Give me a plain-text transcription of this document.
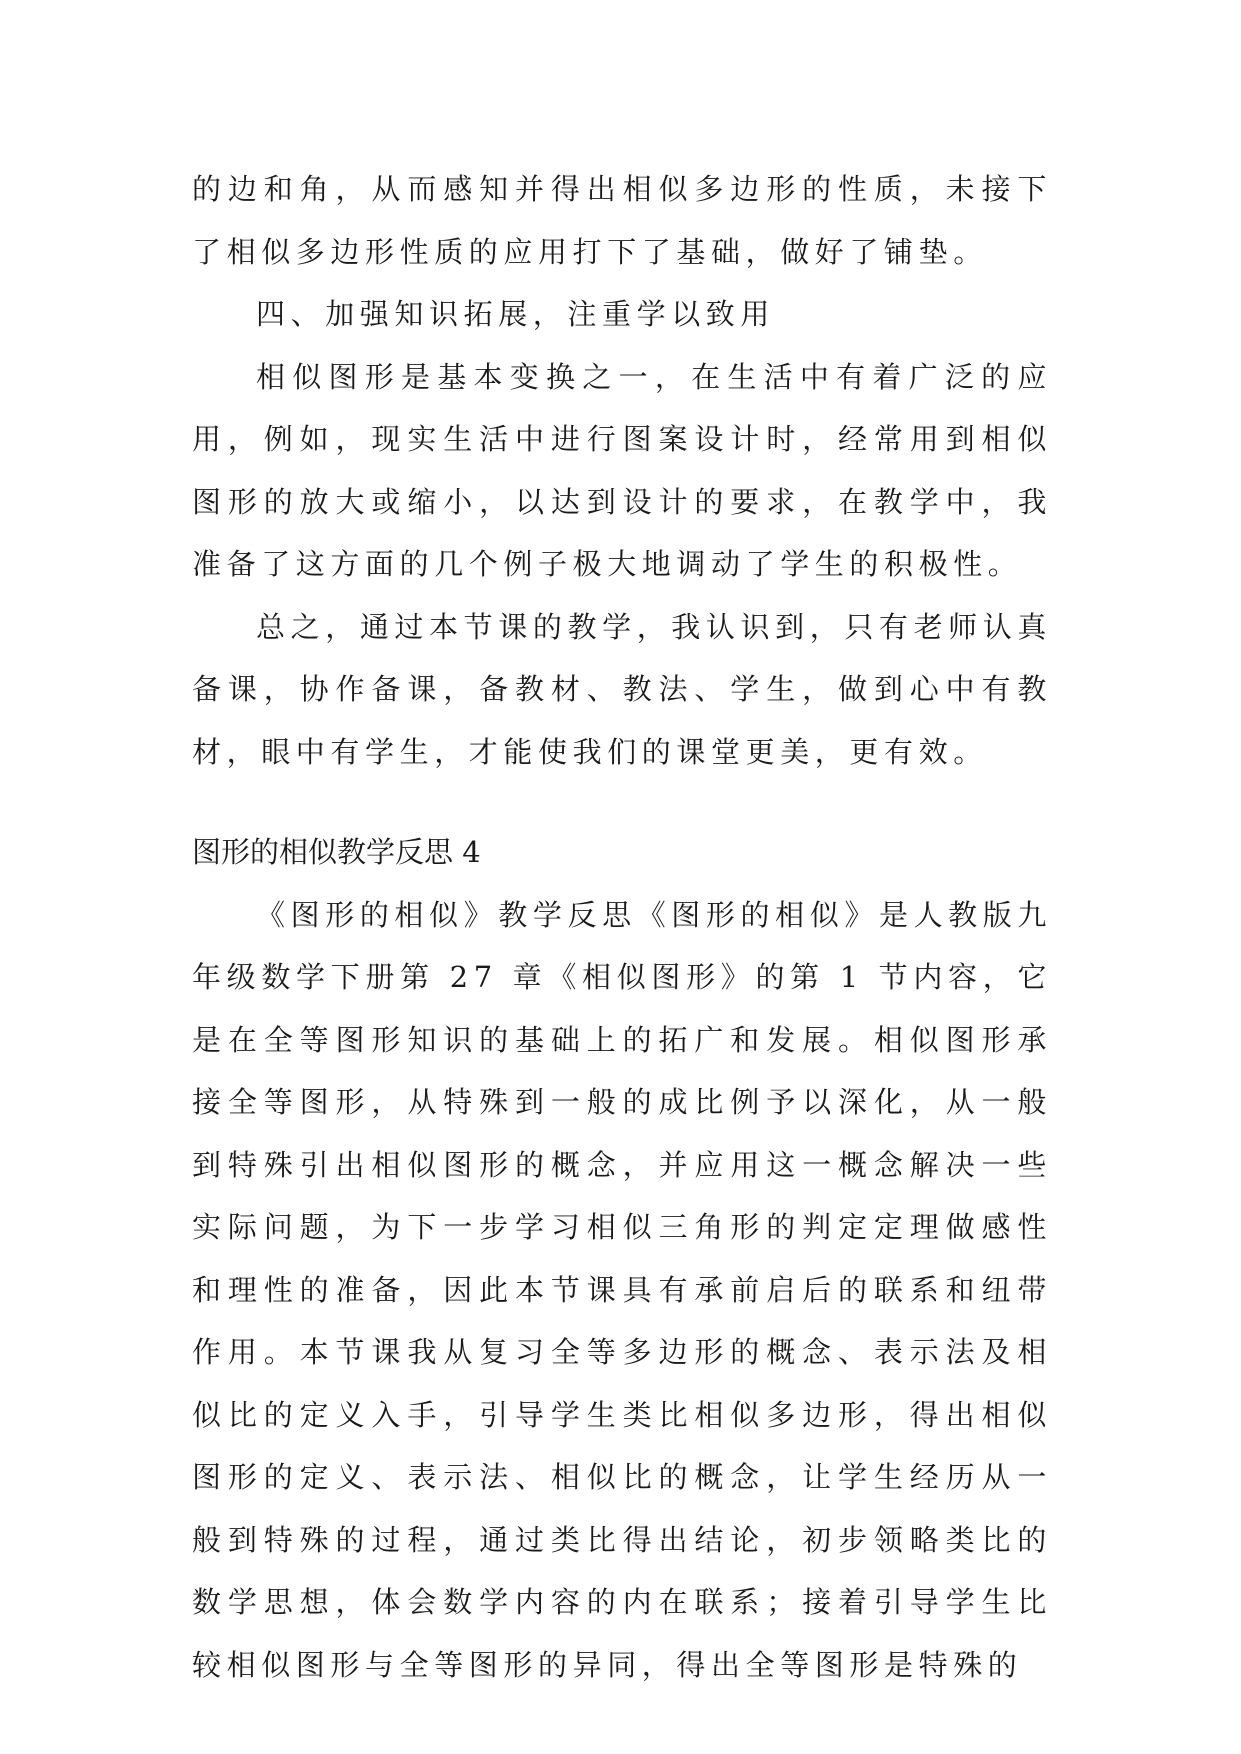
的边和角，从而感知并得出相似多边形的性质，未接下了相似多边形性质的应用打下了基础，做好了铺垫。

四、加强知识拓展，注重学以致用

相似图形是基本变换之一，在生活中有着广泛的应用，例如，现实生活中进行图案设计时，经常用到相似图形的放大或缩小，以达到设计的要求，在教学中，我准备了这方面的几个例子极大地调动了学生的积极性。

总之，通过本节课的教学，我认识到，只有老师认真备课，协作备课，备教材、教法、学生，做到心中有教材，眼中有学生，才能使我们的课堂更美，更有效。

图形的相似教学反思 4

《图形的相似》教学反思《图形的相似》是人教版九年级数学下册第 27 章《相似图形》的第 1 节内容，它是在全等图形知识的基础上的拓广和发展。相似图形承接全等图形，从特殊到一般的成比例予以深化，从一般到特殊引出相似图形的概念，并应用这一概念解决一些实际问题，为下一步学习相似三角形的判定定理做感性和理性的准备，因此本节课具有承前启后的联系和纽带作用。本节课我从复习全等多边形的概念、表示法及相似比的定义入手，引导学生类比相似多边形，得出相似图形的定义、表示法、相似比的概念，让学生经历从一般到特殊的过程，通过类比得出结论，初步领略类比的数学思想，体会数学内容的内在联系；接着引导学生比较相似图形与全等图形的异同，得出全等图形是特殊的
